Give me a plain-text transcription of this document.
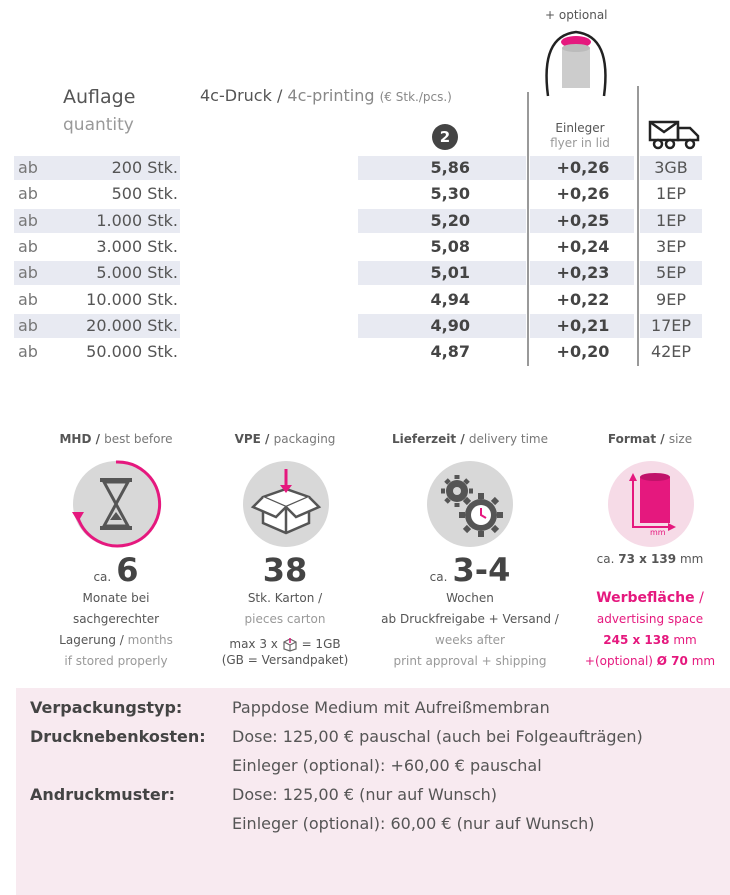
+ optional
Auflage
quantity
4c-Druck / 4c-printing (€ Stk./pcs.)
2	Einleger
flyer in lid
ab	200 Stk.	5,86	+0,26	3GB
ab	500 Stk.	5,30	+0,26	1EP
ab	1.000 Stk.	5,20	+0,25	1EP
ab	3.000 Stk.	5,08	+0,24	3EP
ab	5.000 Stk.	5,01	+0,23	5EP
ab	10.000 Stk.	4,94	+0,22	9EP
ab	20.000 Stk.	4,90	+0,21	17EP
ab	50.000 Stk.	4,87	+0,20	42EP
MHD / best before
ca. 6
Monate bei
sachgerechter
Lagerung / months
if stored properly
VPE / packaging
38
Stk. Karton /
pieces carton
max 3 x = 1GB
(GB = Versandpaket)
Lieferzeit / delivery time
ca. 3-4
Wochen
ab Druckfreigabe + Versand /
weeks after
print approval + shipping
Format / size
mm
ca. 73 x 139 mm
Werbefläche /
advertising space
245 x 138 mm
+(optional) Ø 70 mm
Verpackungstyp:	Pappdose Medium mit Aufreißmembran
Drucknebenkosten: Dose: 125,00 € pauschal (auch bei Folgeaufträgen)
Einleger (optional): +60,00 € pauschal
Andruckmuster:	Dose: 125,00 € (nur auf Wunsch)
Einleger (optional): 60,00 € (nur auf Wunsch)
